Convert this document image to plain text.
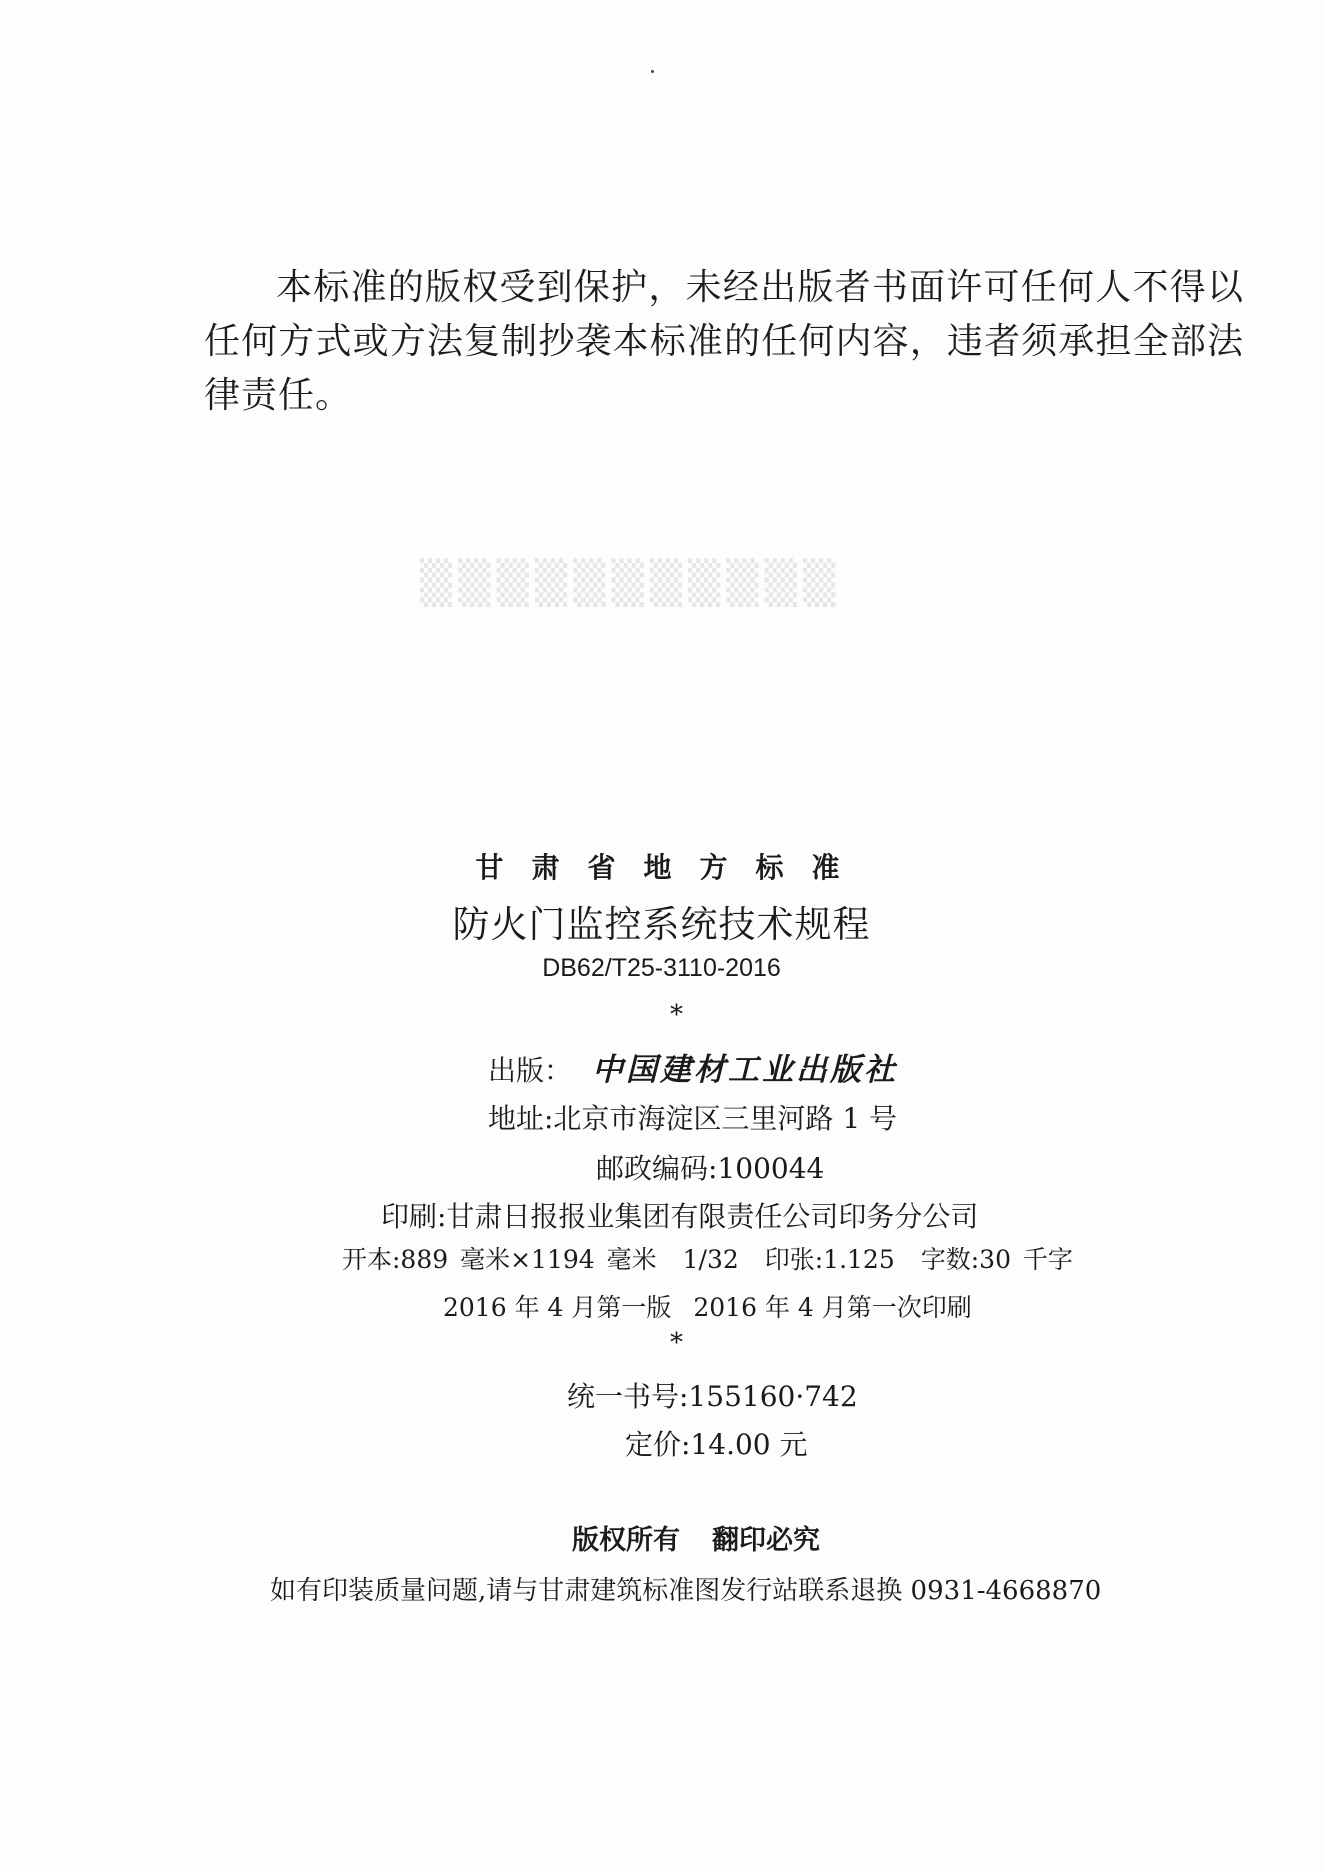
本标准的版权受到保护，未经出版者书面许可任何人不得以任何方式或方法复制抄袭本标准的任何内容，违者须承担全部法律责任。

▒▒▒▒▒▒▒▒▒▒▒
甘肃省地方标准
防火门监控系统技术规程
DB62/T25-3110-2016
*
出版： 中国建材工业出版社
地址:北京市海淀区三里河路 1 号
邮政编码:100044
印刷:甘肃日报报业集团有限责任公司印务分公司
开本:889 毫米×1194 毫米 1/32 印张:1.125 字数:30 千字
2016 年 4 月第一版 2016 年 4 月第一次印刷
*
统一书号:155160·742
定价:14.00 元
版权所有 翻印必究
如有印装质量问题,请与甘肃建筑标准图发行站联系退换 0931-4668870
